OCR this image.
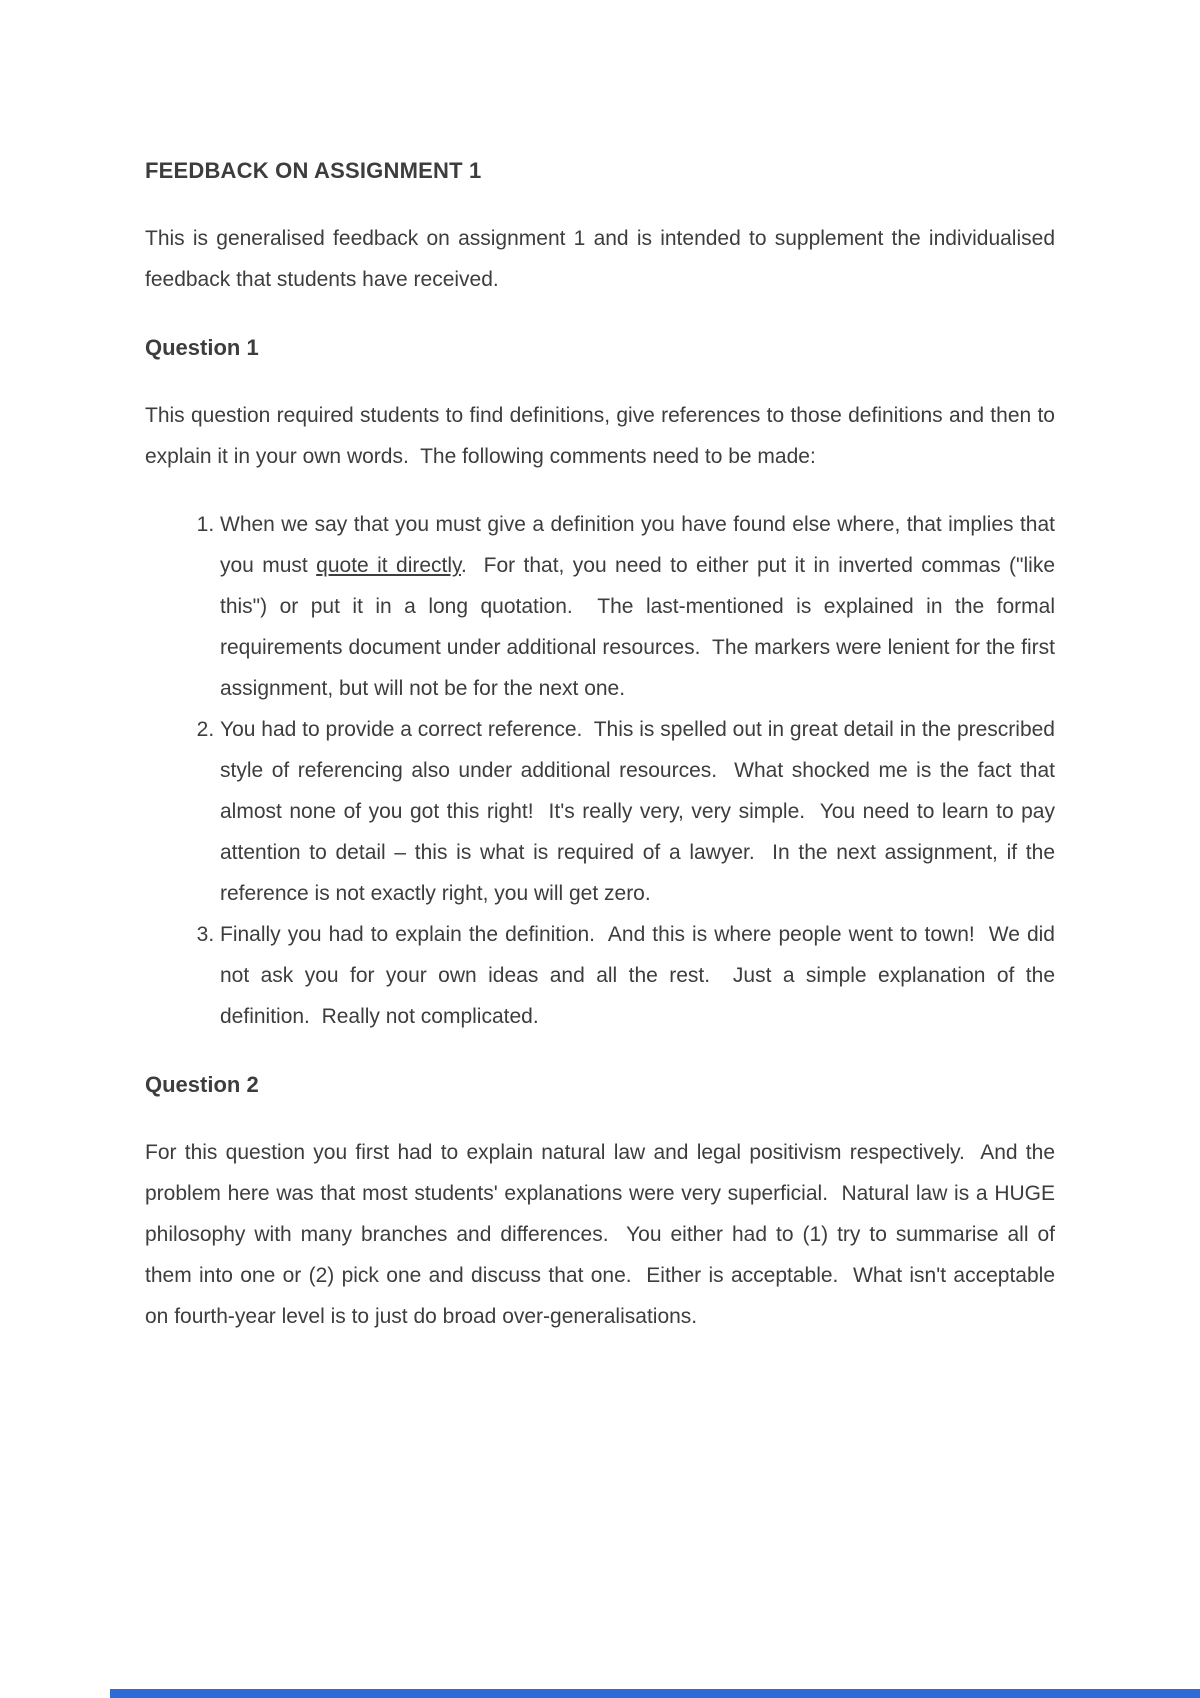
FEEDBACK ON ASSIGNMENT 1

This is generalised feedback on assignment 1 and is intended to supplement the individualised feedback that students have received.

Question 1

This question required students to find definitions, give references to those definitions and then to explain it in your own words.  The following comments need to be made:

1. When we say that you must give a definition you have found else where, that implies that you must quote it directly.  For that, you need to either put it in inverted commas ("like this") or put it in a long quotation.  The last-mentioned is explained in the formal requirements document under additional resources.  The markers were lenient for the first assignment, but will not be for the next one.
2. You had to provide a correct reference.  This is spelled out in great detail in the prescribed style of referencing also under additional resources.  What shocked me is the fact that almost none of you got this right!  It's really very, very simple.  You need to learn to pay attention to detail – this is what is required of a lawyer.  In the next assignment, if the reference is not exactly right, you will get zero.
3. Finally you had to explain the definition.  And this is where people went to town!  We did not ask you for your own ideas and all the rest.  Just a simple explanation of the definition.  Really not complicated.
Question 2

For this question you first had to explain natural law and legal positivism respectively.  And the problem here was that most students' explanations were very superficial.  Natural law is a HUGE philosophy with many branches and differences.  You either had to (1) try to summarise all of them into one or (2) pick one and discuss that one.  Either is acceptable.  What isn't acceptable on fourth-year level is to just do broad over-generalisations.
